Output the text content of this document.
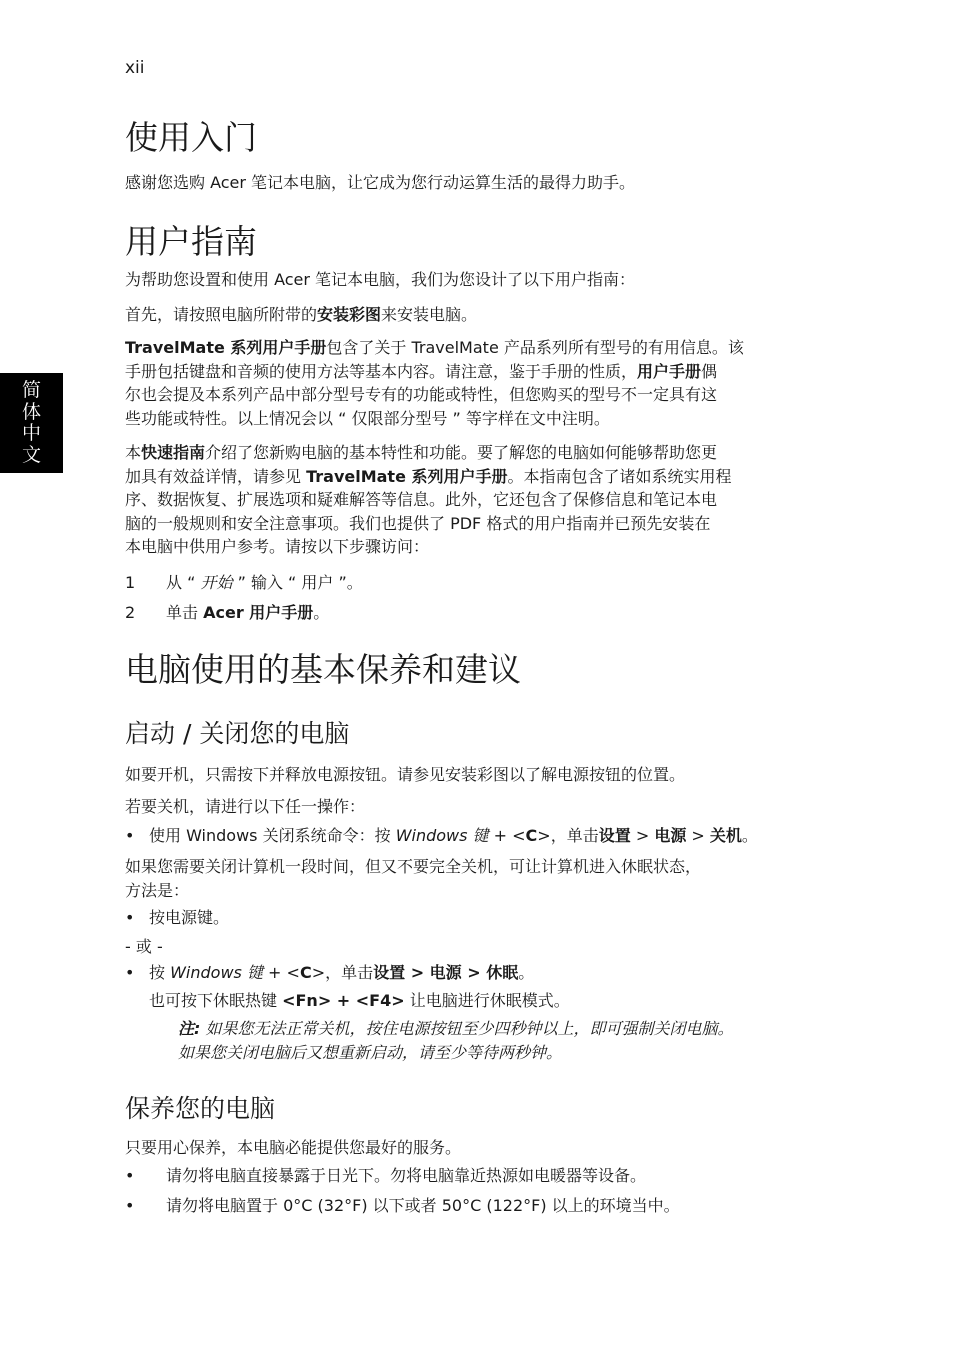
xii
简
体
中
文
使用入门

感谢您选购 Acer 笔记本电脑，让它成为您行动运算生活的最得力助手。

用户指南

为帮助您设置和使用 Acer 笔记本电脑，我们为您设计了以下用户指南：

首先，请按照电脑所附带的安装彩图来安装电脑。

TravelMate 系列用户手册包含了关于 TravelMate 产品系列所有型号的有用信息。该
手册包括键盘和音频的使用方法等基本内容。请注意，鉴于手册的性质，用户手册偶
尔也会提及本系列产品中部分型号专有的功能或特性，但您购买的型号不一定具有这
些功能或特性。以上情况会以 “ 仅限部分型号 ” 等字样在文中注明。
本快速指南介绍了您新购电脑的基本特性和功能。要了解您的电脑如何能够帮助您更
加具有效益详情，请参见 TravelMate 系列用户手册。本指南包含了诸如系统实用程
序、数据恢复、扩展选项和疑难解答等信息。此外，它还包含了保修信息和笔记本电
脑的一般规则和安全注意事项。我们也提供了 PDF 格式的用户指南并已预先安装在
本电脑中供用户参考。请按以下步骤访问：
1 从 “ 开始 ” 输入 “ 用户 ”。
2 单击 Acer 用户手册。
电脑使用的基本保养和建议
启动 / 关闭您的电脑

如要开机，只需按下并释放电源按钮。请参见安装彩图以了解电源按钮的位置。

若要关机，请进行以下任一操作：

•
使用 Windows 关闭系统命令：按 Windows 键 + <C>，单击设置 > 电源 > 关机。
如果您需要关闭计算机一段时间，但又不要完全关机，可让计算机进入休眠状态，
方法是：
•
按电源键。
- 或 -
•
按 Windows 键 + <C>，单击设置 > 电源 > 休眠。
也可按下休眠热键 <Fn> + <F4> 让电脑进行休眠模式。
注: 如果您无法正常关机，按住电源按钮至少四秒钟以上，即可强制关闭电脑。
如果您关闭电脑后又想重新启动，请至少等待两秒钟。
保养您的电脑

只要用心保养，本电脑必能提供您最好的服务。

•
请勿将电脑直接暴露于日光下。勿将电脑靠近热源如电暖器等设备。
•
请勿将电脑置于 0°C (32°F) 以下或者 50°C (122°F) 以上的环境当中。
